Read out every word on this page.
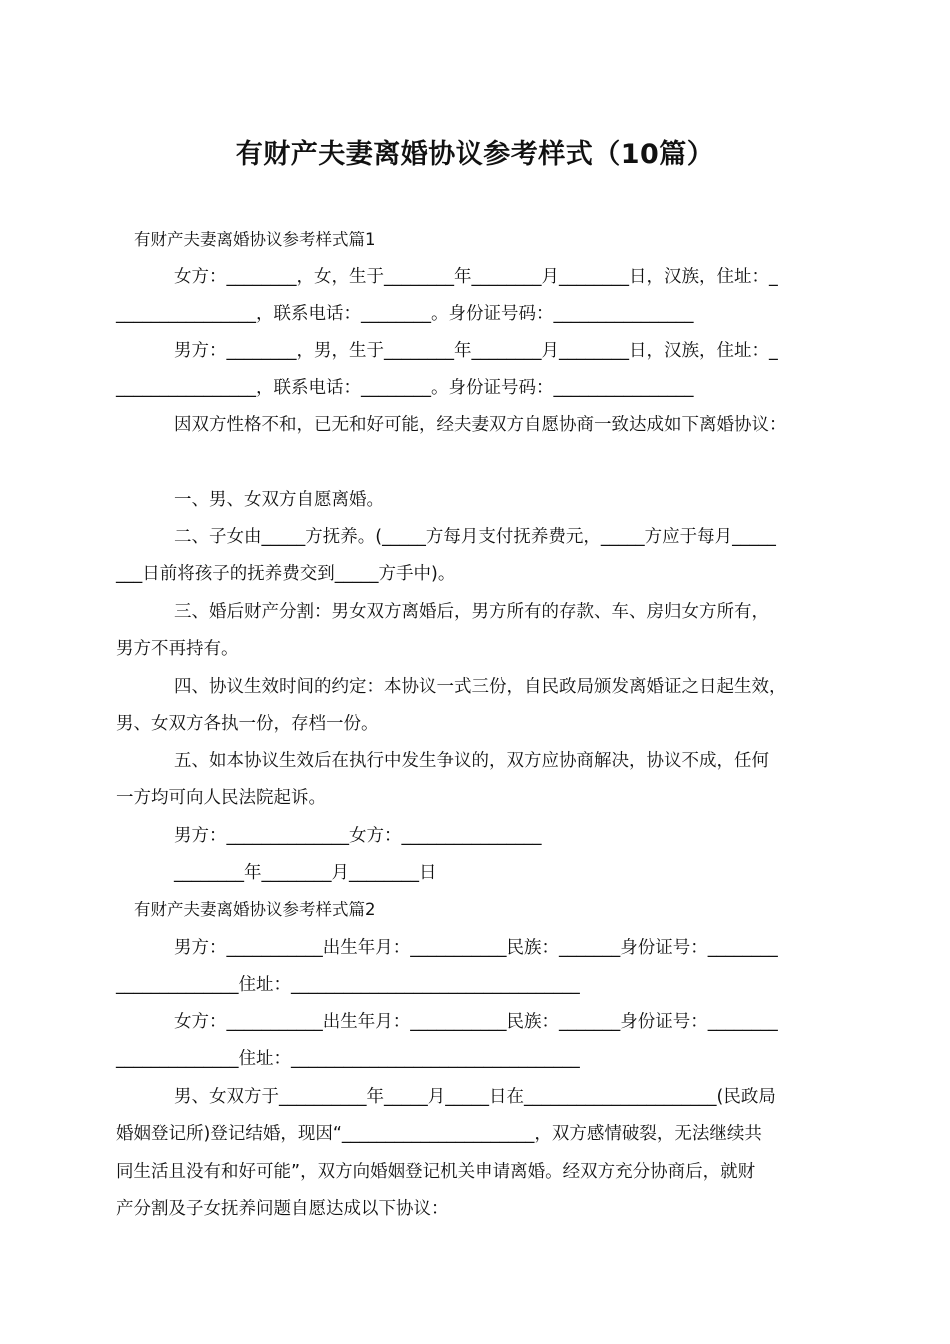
有财产夫妻离婚协议参考样式（10篇）
有财产夫妻离婚协议参考样式篇1
女方：________，女，生于________年________月________日，汉族，住址：_
________________，联系电话：________。身份证号码：________________
男方：________，男，生于________年________月________日，汉族，住址：_
________________，联系电话：________。身份证号码：________________
因双方性格不和，已无和好可能，经夫妻双方自愿协商一致达成如下离婚协议：
一、男、女双方自愿离婚。
二、子女由_____方抚养。(_____方每月支付抚养费元，_____方应于每月_____
___日前将孩子的抚养费交到_____方手中)。
三、婚后财产分割：男女双方离婚后，男方所有的存款、车、房归女方所有，
男方不再持有。
四、协议生效时间的约定：本协议一式三份，自民政局颁发离婚证之日起生效，
男、女双方各执一份，存档一份。
五、如本协议生效后在执行中发生争议的，双方应协商解决，协议不成，任何
一方均可向人民法院起诉。
男方：______________女方：________________
________年________月________日
有财产夫妻离婚协议参考样式篇2
男方：___________出生年月：___________民族：_______身份证号：________
______________住址：_________________________________
女方：___________出生年月：___________民族：_______身份证号：________
______________住址：_________________________________
男、女双方于__________年_____月_____日在______________________(民政局
婚姻登记所)登记结婚，现因“______________________，双方感情破裂，无法继续共
同生活且没有和好可能”，双方向婚姻登记机关申请离婚。经双方充分协商后，就财
产分割及子女抚养问题自愿达成以下协议：
